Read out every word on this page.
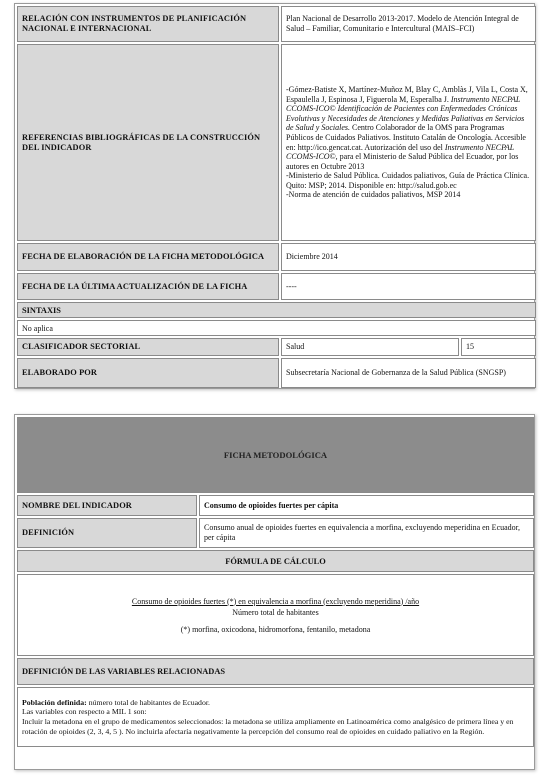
RELACIÓN CON INSTRUMENTOS DE PLANIFICACIÓN NACIONAL E INTERNACIONAL	Plan Nacional de Desarrollo 2013-2017. Modelo de Atención Integral de Salud – Familiar, Comunitario e Intercultural (MAIS–FCI)	
REFERENCIAS BIBLIOGRÁFICAS DE LA CONSTRUCCIÓN DEL INDICADOR	-Gómez-Batiste X, Martínez-Muñoz M, Blay C, Amblàs J, Vila L, Costa X, Espaulella J, Espinosa J, Figuerola M, Esperalba J. Instrumento NECPAL CCOMS-ICO© Identificación de Pacientes con Enfermedades Crónicas Evolutivas y Necesidades de Atenciones y Medidas Paliativas en Servicios de Salud y Sociales. Centro Colaborador de la OMS para Programas Públicos de Cuidados Paliativos. Instituto Catalán de Oncología. Accesible en: http://ico.gencat.cat. Autorización del uso del Instrumento NECPAL CCOMS-ICO©, para el Ministerio de Salud Pública del Ecuador, por los autores en Octubre 2013

-Ministerio de Salud Pública. Cuidados paliativos, Guía de Práctica Clínica. Quito: MSP; 2014. Disponible en: http://salud.gob.ec

-Norma de atención de cuidados paliativos, MSP 2014	

FECHA DE ELABORACIÓN DE LA FICHA METODOLÓGICA	Diciembre 2014	
FECHA DE LA ÚLTIMA ACTUALIZACIÓN DE LA FICHA	----	
SINTAXIS		
No aplica		
CLASIFICADOR SECTORIAL	Salud	15
ELABORADO POR	Subsecretaría Nacional de Gobernanza de la Salud Pública (SNGSP)	
FICHA METODOLÓGICA	
NOMBRE DEL INDICADOR	Consumo de opioides fuertes per cápita
DEFINICIÓN	Consumo anual de opioides fuertes en equivalencia a morfina, excluyendo meperidina en Ecuador, per cápita
FÓRMULA DE CÁLCULO	

Consumo de opioides fuertes (*) en equivalencia a morfina (excluyendo meperidina) /año
Número total de habitantes
(*) morfina, oxicodona, hidromorfona, fentanilo, metadona	

DEFINICIÓN DE LAS VARIABLES RELACIONADAS	

Población definida: número total de habitantes de Ecuador.

Las variables con respecto a MIL 1 son:

Incluir la metadona en el grupo de medicamentos seleccionados: la metadona se utiliza ampliamente en Latinoamérica como analgésico de primera línea y en rotación de opioides (2, 3, 4, 5 ). No incluirla afectaría negativamente la percepción del consumo real de opioides en cuidado paliativo en la Región.	
